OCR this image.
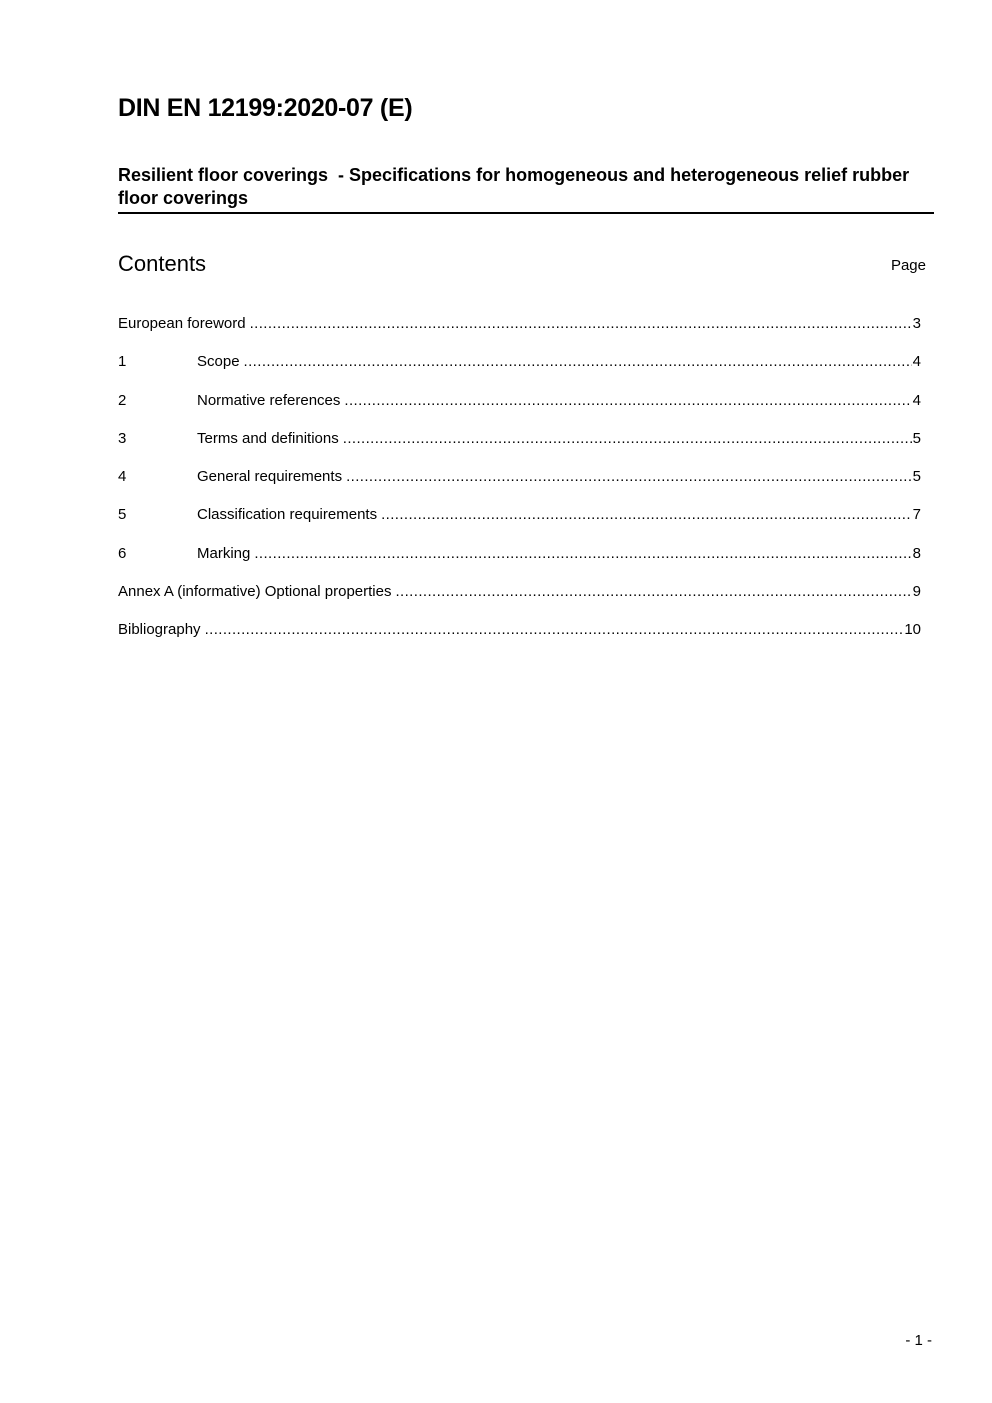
DIN EN 12199:2020-07 (E)
Resilient floor coverings  - Specifications for homogeneous and heterogeneous relief rubber floor coverings
Contents	Page
European foreword .....	3
1	Scope .....	4
2	Normative references .....	4
3	Terms and definitions .....	5
4	General requirements .....	5
5	Classification requirements .....	7
6	Marking .....	8
Annex A (informative) Optional properties .....	9
Bibliography .....	10
- 1 -
